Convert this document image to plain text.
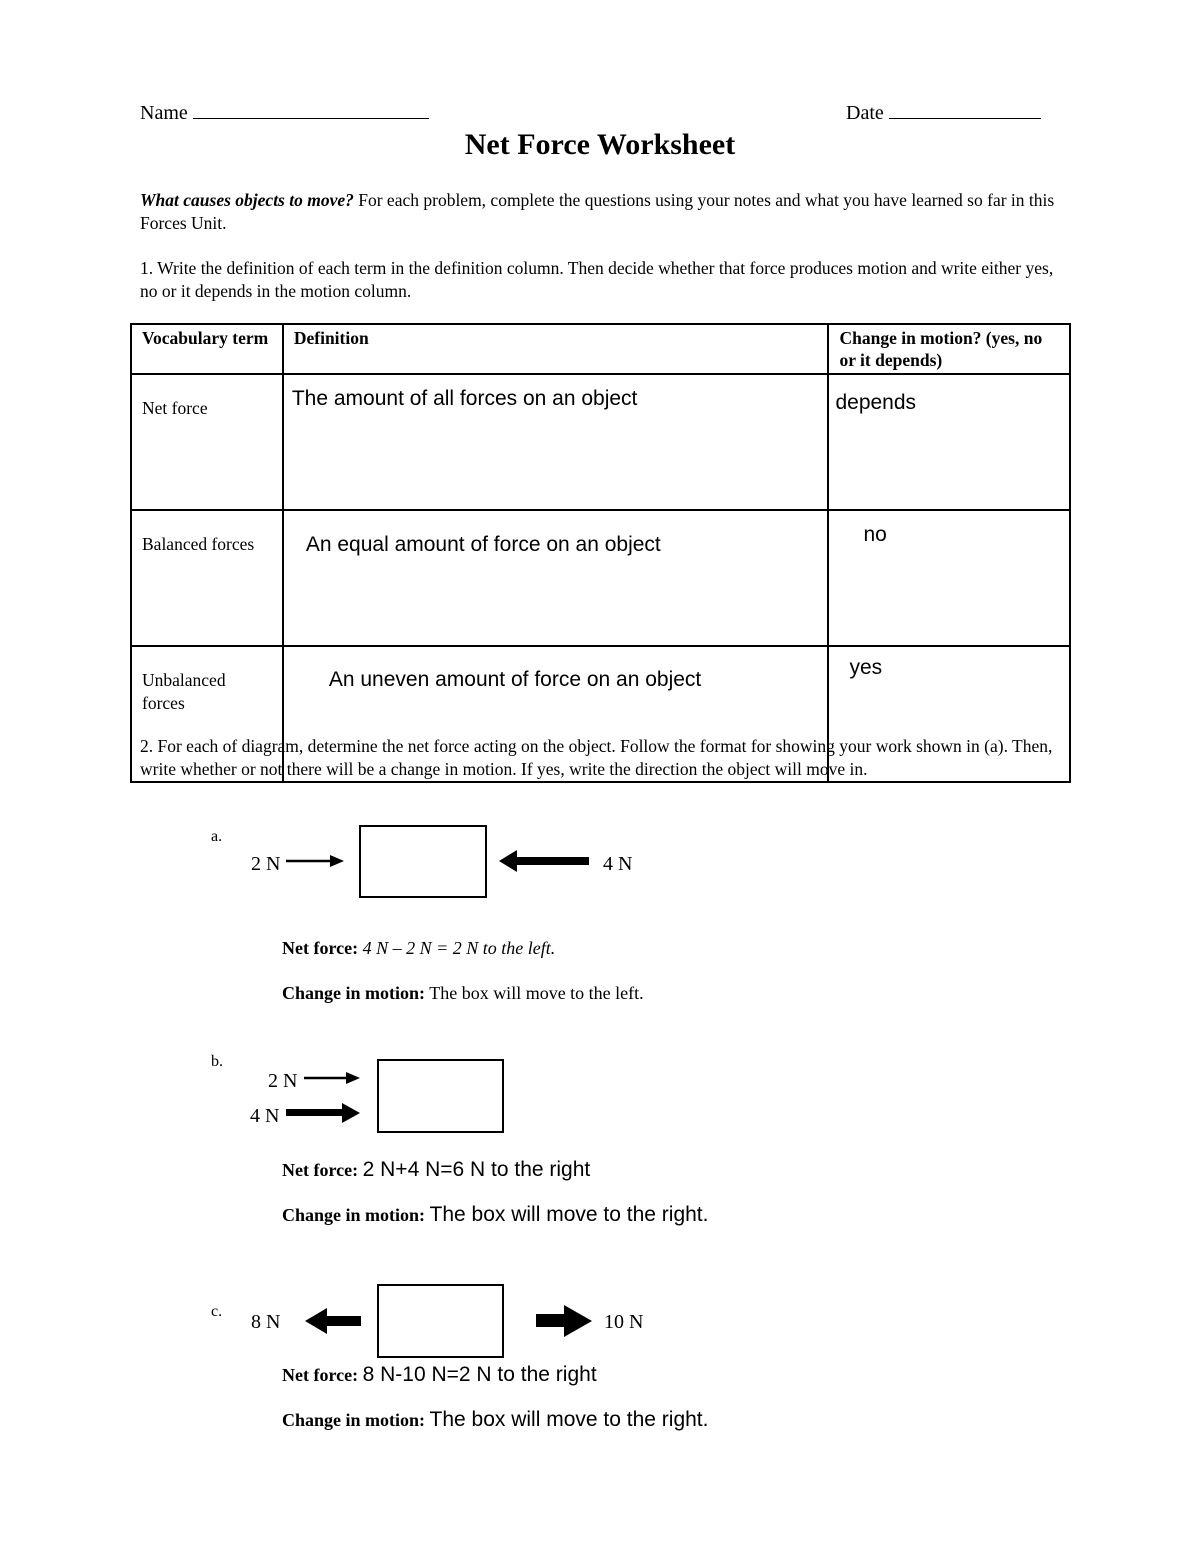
Name	Date
Net Force Worksheet
What causes objects to move? For each problem, complete the questions using your notes and what you have learned so far in this Forces Unit.
1. Write the definition of each term in the definition column. Then decide whether that force produces motion and write either yes, no or it depends in the motion column.
Vocabulary term	Definition	Change in motion? (yes, no or it depends)
Net force	The amount of all forces on an object	depends

Balanced forces	An equal amount of force on an object	no

Unbalanced forces	An uneven amount of force on an object	yes
2. For each of diagram, determine the net force acting on the object. Follow the format for showing your work shown in (a). Then, write whether or not there will be a change in motion. If yes, write the direction the object will move in.
a.
2 N	4 N
Net force: 4 N – 2 N = 2 N to the left.
Change in motion: The box will move to the left.
b.
2 N
4 N
Net force: 2 N+4 N=6 N to the right
Change in motion: The box will move to the right.
c. 8 N	10 N
Net force: 8 N-10 N=2 N to the right
Change in motion: The box will move to the right.
